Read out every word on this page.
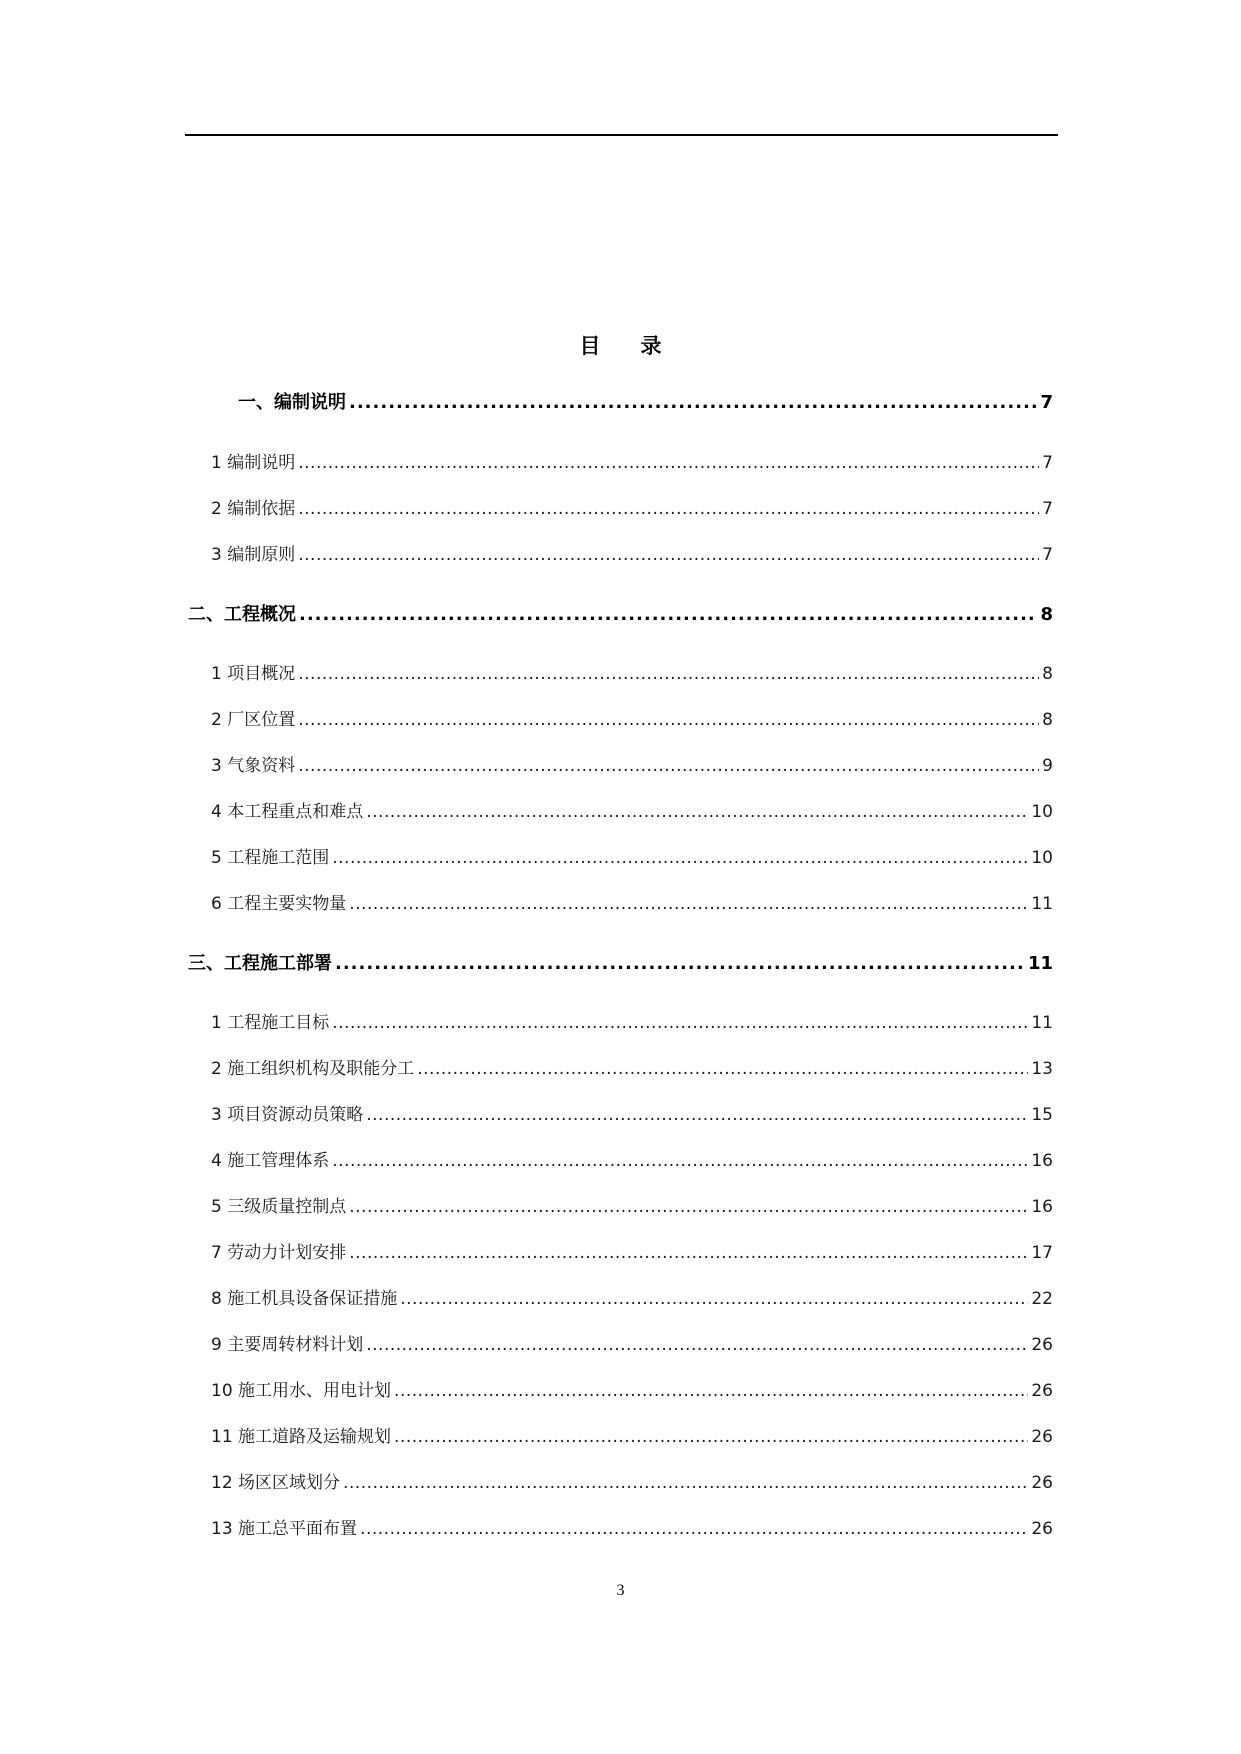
目 录
一、编制说明 .....	7
1 编制说明 .....	7
2 编制依据 .....	7
3 编制原则 .....	7
二、工程概况 .....	8
1 项目概况 .....	8
2 厂区位置 .....	8
3 气象资料 .....	9
4 本工程重点和难点 .....	10
5 工程施工范围 .....	10
6 工程主要实物量 .....	11
三、工程施工部署 .....	11
1 工程施工目标 .....	11
2 施工组织机构及职能分工 .....	13
3 项目资源动员策略 .....	15
4 施工管理体系 .....	16
5 三级质量控制点 .....	16
7 劳动力计划安排 .....	17
8 施工机具设备保证措施 .....	22
9 主要周转材料计划 .....	26
10 施工用水、用电计划 .....	26
11 施工道路及运输规划 .....	26
12 场区区域划分 .....	26
13 施工总平面布置 .....	26
3
